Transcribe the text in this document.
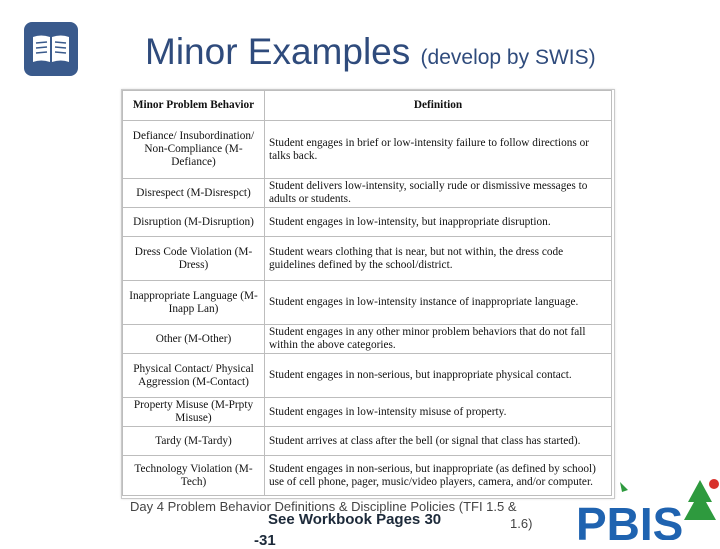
Minor Examples (develop by SWIS)
Minor Problem Behavior	Definition
Defiance/ Insubordination/ Non-Compliance (M-Defiance)	Student engages in brief or low-intensity failure to follow directions or talks back.
Disrespect (M-Disrespct)	Student delivers low-intensity, socially rude or dismissive messages to adults or students.
Disruption (M-Disruption)	Student engages in low-intensity, but inappropriate disruption.
Dress Code Violation (M-Dress)	Student wears clothing that is near, but not within, the dress code guidelines defined by the school/district.
Inappropriate Language (M-Inapp Lan)	Student engages in low-intensity instance of inappropriate language.
Other (M-Other)	Student engages in any other minor problem behaviors that do not fall within the above categories.
Physical Contact/ Physical Aggression (M-Contact)	Student engages in non-serious, but inappropriate physical contact.
Property Misuse (M-Prpty Misuse)	Student engages in low-intensity misuse of property.
Tardy (M-Tardy)	Student arrives at class after the bell (or signal that class has started).
Technology Violation (M-Tech)	Student engages in non-serious, but inappropriate (as defined by school) use of cell phone, pager, music/video players, camera, and/or computer.
Day 4 Problem Behavior Definitions & Discipline Policies (TFI 1.5 &
See Workbook Pages 30	1.6)
-31	PBIS
